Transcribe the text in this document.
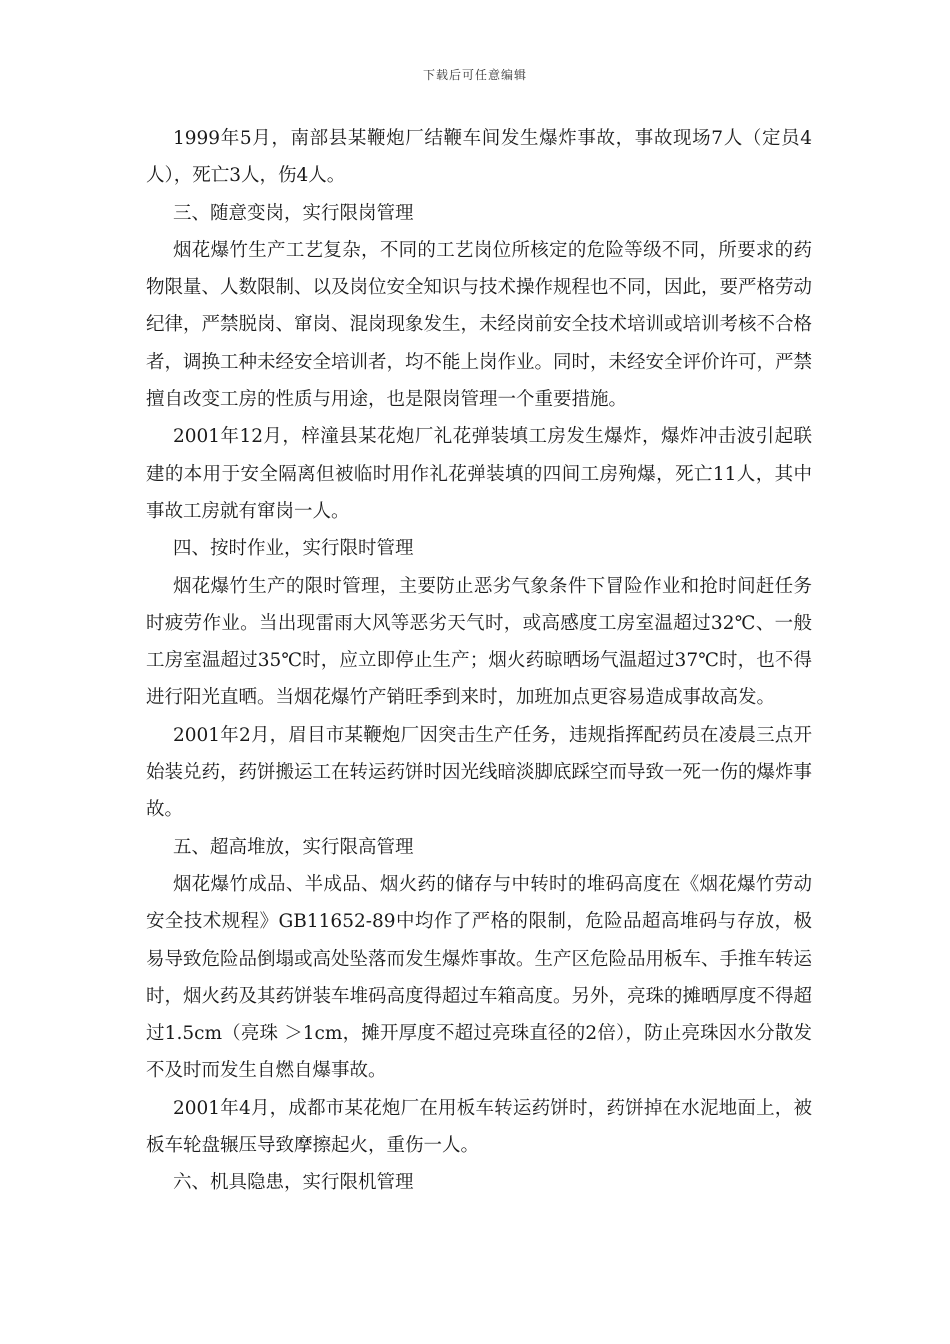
下载后可任意编辑

1999年5月，南部县某鞭炮厂结鞭车间发生爆炸事故，事故现场7人（定员4人），死亡3人，伤4人。

三、随意变岗，实行限岗管理

烟花爆竹生产工艺复杂，不同的工艺岗位所核定的危险等级不同，所要求的药物限量、人数限制、以及岗位安全知识与技术操作规程也不同，因此，要严格劳动纪律，严禁脱岗、窜岗、混岗现象发生，未经岗前安全技术培训或培训考核不合格者，调换工种未经安全培训者，均不能上岗作业。同时，未经安全评价许可，严禁擅自改变工房的性质与用途，也是限岗管理一个重要措施。

2001年12月，梓潼县某花炮厂礼花弹装填工房发生爆炸，爆炸冲击波引起联建的本用于安全隔离但被临时用作礼花弹装填的四间工房殉爆，死亡11人，其中事故工房就有窜岗一人。

四、按时作业，实行限时管理

烟花爆竹生产的限时管理，主要防止恶劣气象条件下冒险作业和抢时间赶任务时疲劳作业。当出现雷雨大风等恶劣天气时，或高感度工房室温超过32℃、一般工房室温超过35℃时，应立即停止生产；烟火药晾晒场气温超过37℃时，也不得进行阳光直晒。当烟花爆竹产销旺季到来时，加班加点更容易造成事故高发。

2001年2月，眉目市某鞭炮厂因突击生产任务，违规指挥配药员在凌晨三点开始装兑药，药饼搬运工在转运药饼时因光线暗淡脚底踩空而导致一死一伤的爆炸事故。

五、超高堆放，实行限高管理

烟花爆竹成品、半成品、烟火药的储存与中转时的堆码高度在《烟花爆竹劳动安全技术规程》GB11652-89中均作了严格的限制，危险品超高堆码与存放，极易导致危险品倒塌或高处坠落而发生爆炸事故。生产区危险品用板车、手推车转运时，烟火药及其药饼装车堆码高度得超过车箱高度。另外，亮珠的摊晒厚度不得超过1.5cm（亮珠 ＞1cm，摊开厚度不超过亮珠直径的2倍），防止亮珠因水分散发不及时而发生自燃自爆事故。

2001年4月，成都市某花炮厂在用板车转运药饼时，药饼掉在水泥地面上，被板车轮盘辗压导致摩擦起火，重伤一人。

六、机具隐患，实行限机管理
